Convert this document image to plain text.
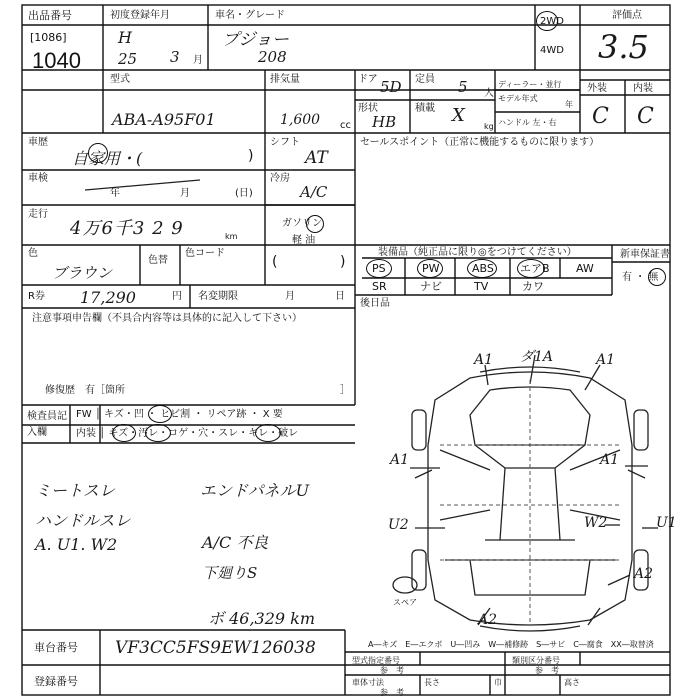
出品番号
[1086]
1040
初度登録年月
H
25 3 月
車名・グレード
プジョー
208
2WD
4WD
評価点
3.5
型式
ABA-A95F01
排気量
1,600 cc
ドア 5D 定員 5 人
形状
HB
積載 X
kg
ディーラー・並行
モデル年式
年
ハンドル 左・右
外装	内装
C C
車歴
自家用・(	)
車検
年	月	(日)
走行
4万6千3 2 9	km
色
ブラウン
色替
色コード
R券 17,290	円 名変期限	月	日
シフト
AT
冷房
A/C
ガソリン
軽 油
(	)
セールスポイント（正常に機能するものに限ります）
装備品（純正品に限り◎をつけてください）
PS	PW	ABS エアB AW
SR	ナビ	TV	カワ
新車保証書
有 ・ 無
後日品
注意事項申告欄（不具合内容等は具体的に記入して下さい）
修復歴　有［箇所	］
検査員記入欄
FW │ キズ・凹 ・ ヒビ割 ・ リペア跡 ・ X 要
内装 │ キズ・汚レ・コゲ・穴・スレ・キレ・破レ
ミートスレ
ハンドルスレ
A. U1. W2
エンドパネルU
A/C 不良
下廻りS
ボ 46,329 km
A1 ダ1A	A1
A1	A1
U2	W2	U1
A2
A2
スペア
A―キズ　E―エクボ　U―凹み　W―補修跡　S―サビ　C―腐食　XX―取替済
車台番号 VF3CC5FS9EW126038
登録番号
型式指定番号
参　考
類別区分番号
参　考
車体寸法
参　考
長さ	巾	高さ
